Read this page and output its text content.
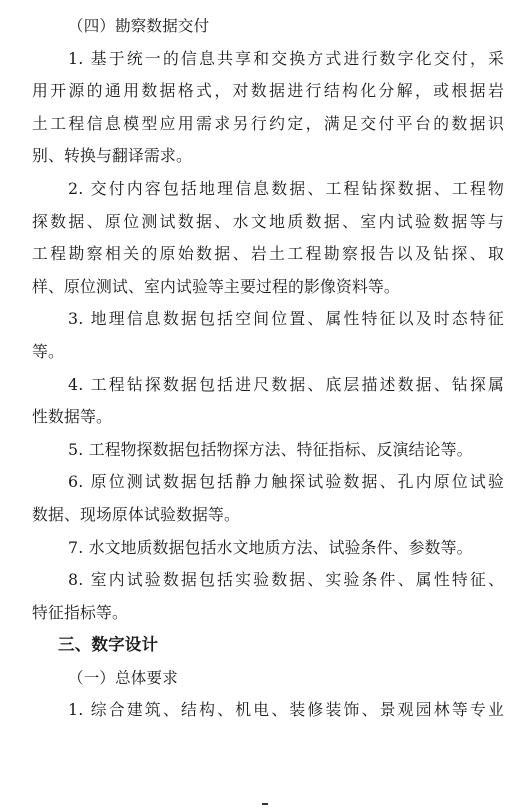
（四）勘察数据交付
1. 基于统一的信息共享和交换方式进行数字化交付，采
用开源的通用数据格式，对数据进行结构化分解，或根据岩
土工程信息模型应用需求另行约定，满足交付平台的数据识
别、转换与翻译需求。
2. 交付内容包括地理信息数据、工程钻探数据、工程物
探数据、原位测试数据、水文地质数据、室内试验数据等与
工程勘察相关的原始数据、岩土工程勘察报告以及钻探、取
样、原位测试、室内试验等主要过程的影像资料等。
3. 地理信息数据包括空间位置、属性特征以及时态特征
等。
4. 工程钻探数据包括进尺数据、底层描述数据、钻探属
性数据等。
5. 工程物探数据包括物探方法、特征指标、反演结论等。
6. 原位测试数据包括静力触探试验数据、孔内原位试验
数据、现场原体试验数据等。
7. 水文地质数据包括水文地质方法、试验条件、参数等。
8. 室内试验数据包括实验数据、实验条件、属性特征、
特征指标等。
三、数字设计
（一）总体要求
1. 综合建筑、结构、机电、装修装饰、景观园林等专业
